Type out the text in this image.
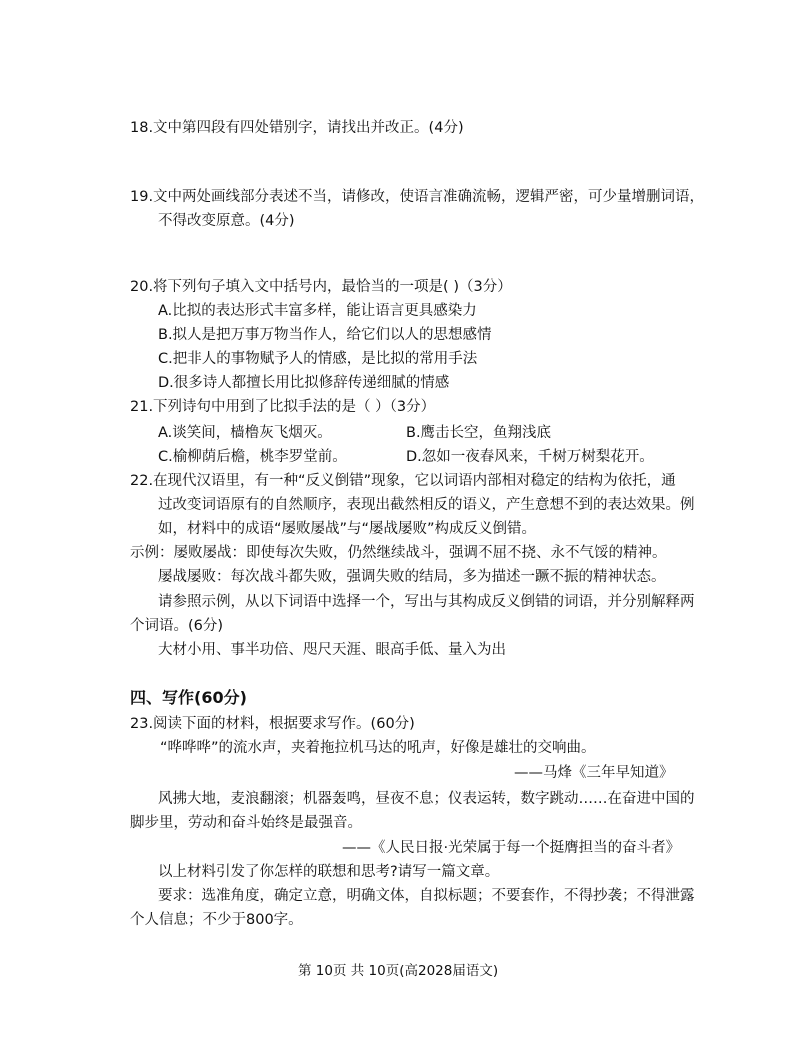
18.文中第四段有四处错别字，请找出并改正。(4分)
19.文中两处画线部分表述不当，请修改，使语言准确流畅，逻辑严密，可少量增删词语，
不得改变原意。(4分)
20.将下列句子填入文中括号内，最恰当的一项是( )（3分）
A.比拟的表达形式丰富多样，能让语言更具感染力
B.拟人是把万事万物当作人，给它们以人的思想感情
C.把非人的事物赋予人的情感，是比拟的常用手法
D.很多诗人都擅长用比拟修辞传递细腻的情感
21.下列诗句中用到了比拟手法的是（ ）（3分）
A.谈笑间，樯橹灰飞烟灭。	B.鹰击长空，鱼翔浅底
C.榆柳荫后檐，桃李罗堂前。	D.忽如一夜春风来，千树万树梨花开。
22.在现代汉语里，有一种“反义倒错”现象，它以词语内部相对稳定的结构为依托，通
过改变词语原有的自然顺序，表现出截然相反的语义，产生意想不到的表达效果。例
如，材料中的成语“屡败屡战”与“屡战屡败”构成反义倒错。
示例：屡败屡战：即使每次失败，仍然继续战斗，强调不屈不挠、永不气馁的精神。
屡战屡败：每次战斗都失败，强调失败的结局，多为描述一蹶不振的精神状态。
请参照示例，从以下词语中选择一个，写出与其构成反义倒错的词语，并分别解释两
个词语。(6分)
大材小用、事半功倍、咫尺天涯、眼高手低、量入为出
四、写作(60分)
23.阅读下面的材料，根据要求写作。(60分)
“哗哗哗”的流水声，夹着拖拉机马达的吼声，好像是雄壮的交响曲。
——马烽《三年早知道》
风拂大地，麦浪翻滚；机器轰鸣，昼夜不息；仪表运转，数字跳动……在奋进中国的
脚步里，劳动和奋斗始终是最强音。
——《人民日报·光荣属于每一个挺膺担当的奋斗者》
以上材料引发了你怎样的联想和思考?请写一篇文章。
要求：选准角度，确定立意，明确文体，自拟标题；不要套作，不得抄袭；不得泄露
个人信息；不少于800字。
第 10页 共 10页(高2028届语文)
